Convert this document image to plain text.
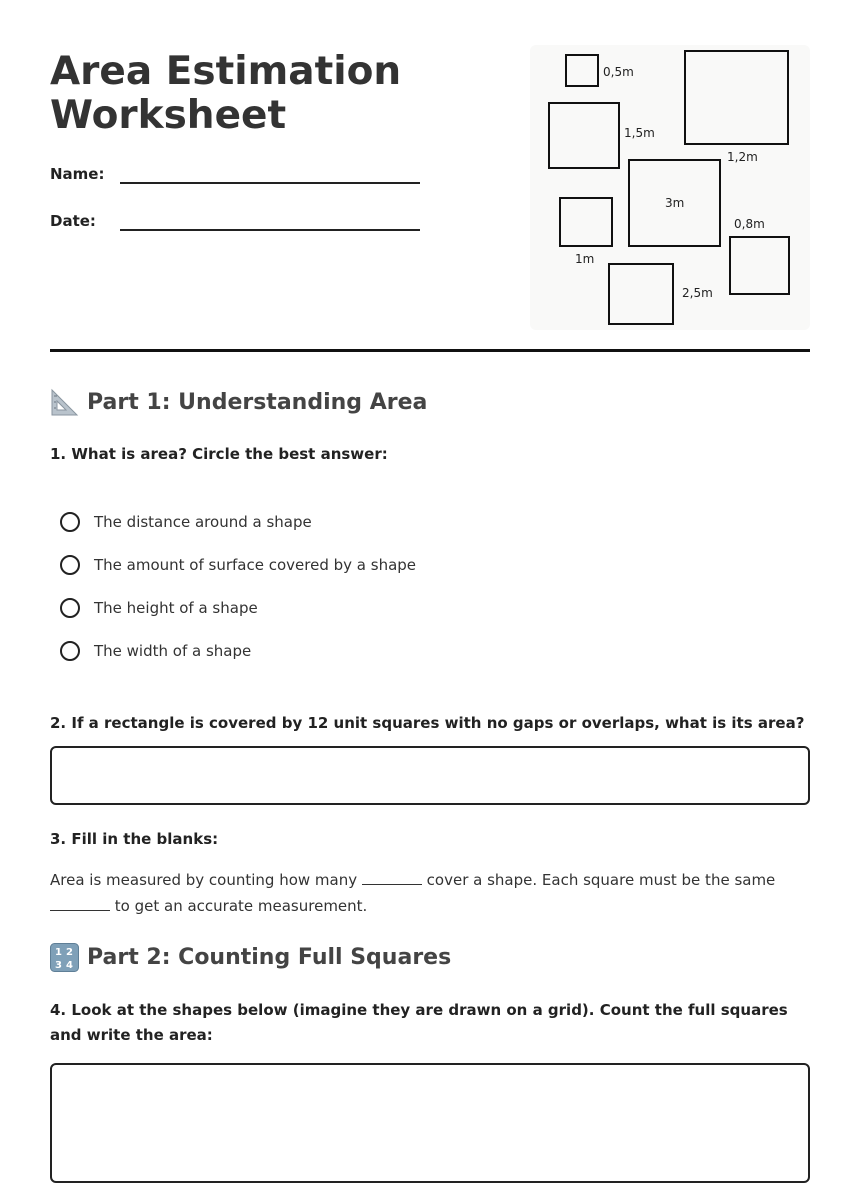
Area Estimation
Worksheet
Name:
Date:
0,5m
1,5m
1,2m
3m
0,8m
1m
2,5m
Part 1: Understanding Area
1. What is area? Circle the best answer:
The distance around a shape
The amount of surface covered by a shape
The height of a shape
The width of a shape
2. If a rectangle is covered by 12 unit squares with no gaps or overlaps, what is its area?
3. Fill in the blanks:
Area is measured by counting how many	cover a shape. Each square must be the same  to get an accurate measurement.
1 2
3 4 Part 2: Counting Full Squares
4. Look at the shapes below (imagine they are drawn on a grid). Count the full squares and write the area:
